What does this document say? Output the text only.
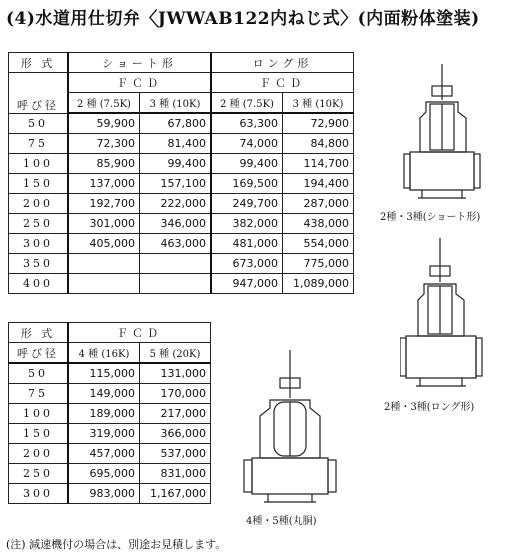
(4)水道用仕切弁〈JWWAB122内ねじ式〉(内面粉体塗装)
形 式	ショート形		ロング形	
呼び径	ＦＣＤ		ＦＣＤ	
	2 種 (7.5K)	3 種 (10K)	2 種 (7.5K)	3 種 (10K)
50	59,900	67,800	63,300	72,900
75	72,300	81,400	74,000	84,800
100	85,900	99,400	99,400	114,700
150	137,000	157,100	169,500	194,400
200	192,700	222,000	249,700	287,000
250	301,000	346,000	382,000	438,000
300	405,000	463,000	481,000	554,000
350			673,000	775,000
400			947,000	1,089,000
形 式	ＦＣＤ	
呼び径	4 種 (16K)	5 種 (20K)
50	115,000	131,000
75	149,000	170,000
100	189,000	217,000
150	319,000	366,000
200	457,000	537,000
250	695,000	831,000
300	983,000	1,167,000
2種・3種(ショート形)
2種・3種(ロング形)
4種・5種(丸胴)
(注) 減速機付の場合は、別途お見積します。
